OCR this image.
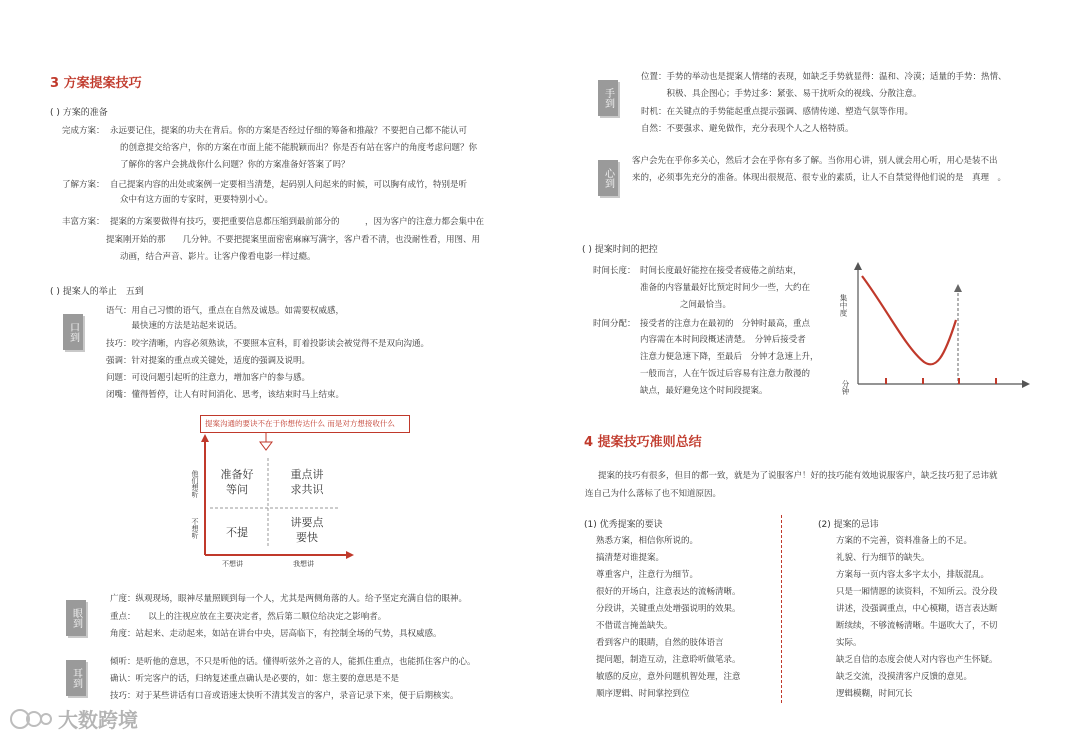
3 方案提案技巧
( ) 方案的准备
完成方案： 永远要记住，提案的功夫在背后。你的方案是否经过仔细的筹备和推敲？不要把自己都不能认可
的创意提交给客户，你的方案在市面上能不能脱颖而出？你是否有站在客户的角度考虑问题？你
了解你的客户会挑战你什么问题？你的方案准备好答案了吗？
了解方案： 自己提案内容的出处或案例一定要相当清楚，起码别人问起来的时候，可以胸有成竹，特别是听
众中有这方面的专家时，更要特别小心。
丰富方案： 提案的方案要做得有技巧，要把重要信息都压缩到最前部分的　　　，因为客户的注意力都会集中在
提案刚开始的那　　几分钟。不要把提案里面密密麻麻写满字，客户看不清，也没耐性看，用图、用
动画，结合声音、影片。让客户像看电影一样过瘾。
( ) 提案人的举止　五到
口到
语气：用自己习惯的语气，重点在自然及诚恳。如需要权威感，
　　　最快速的方法是站起来说话。
技巧：咬字清晰，内容必须熟读，不要照本宣科，盯着投影读会被觉得不是双向沟通。
强调：针对提案的重点或关键处，适度的强调及说明。
问题：可设问题引起听的注意力，增加客户的参与感。
闭嘴：懂得暂停，让人有时间消化、思考，该结束时马上结束。
提案沟通的要诀不在于你想传达什么 而是对方想接收什么
准备好
等问
重点讲
求共识
不提
讲要点
要快
他们想听
不想听
不想讲	我想讲
眼到
广度：纵观现场，眼神尽量照顾到每一个人，尤其是两侧角落的人。给予坚定充满自信的眼神。
重点：　　以上的注视应放在主要决定者，然后第二顺位给决定之影响者。
角度：站起来、走动起来，如站在讲台中央，居高临下，有控制全场的气势，具权威感。
耳到
倾听：是听他的意思，不只是听他的话。懂得听弦外之音的人，能抓住重点，也能抓住客户的心。
确认：听完客户的话，归纳复述重点确认是必要的，如：您主要的意思是不是
技巧：对于某些讲话有口音或语速太快听不清其发言的客户，录音记录下来，便于后期核实。
大数跨境
手到
位置：手势的举动也是提案人情绪的表现，如缺乏手势就显得：温和、冷漠；适量的手势：热情、
　　　积极、具企图心；手势过多：紧张、易干扰听众的视线、分散注意。
时机：在关键点的手势能起重点提示强调、感情传递、塑造气氛等作用。
自然：不要强求、避免做作，充分表现个人之人格特质。
心到
客户会先在乎你多关心，然后才会在乎你有多了解。当你用心讲，别人就会用心听，用心是装不出
来的，必须事先充分的准备。体现出很规范、很专业的素质，让人不自禁觉得他们说的是　真理　。
( ) 提案时间的把控
时间长度： 时间长度最好能控在接受者疲倦之前结束，
准备的内容量最好比预定时间少一些，大约在
之间最恰当。
时间分配： 接受者的注意力在最初的　分钟时最高，重点
内容需在本时间段概述清楚。　分钟后接受者
注意力便急速下降，至最后　分钟才急速上升，
一般而言，人在午饭过后容易有注意力散漫的
缺点，最好避免这个时间段提案。
集中度
分钟
4 提案技巧准则总结
提案的技巧有很多，但目的都一致，就是为了说服客户！好的技巧能有效地说服客户，缺乏技巧犯了忌讳就
连自己为什么落标了也不知道原因。
(1) 优秀提案的要诀
熟悉方案，相信你所说的。
搞清楚对谁提案。
尊重客户，注意行为细节。
很好的开场白，注意表达的流畅清晰。
分段讲，关键重点处增强说明的效果。
不借谎言掩盖缺失。
看到客户的眼睛，自然的肢体语言
提问题，制造互动，注意聆听做笔录。
敏感的反应，意外问题机智处理，注意
顺序逻辑、时间掌控到位
(2) 提案的忌讳
方案的不完善，资料准备上的不足。
礼貌、行为细节的缺失。
方案每一页内容太多字太小，排版混乱。
只是一厢情愿的读资料，不知所云。没分段
讲述，没强调重点，中心模糊，语言表达断
断续续，不够流畅清晰。牛逼吹大了，不切
实际。
缺乏自信的态度会使人对内容也产生怀疑。
缺乏交流，没摸清客户反馈的意见。
逻辑模糊，时间冗长
